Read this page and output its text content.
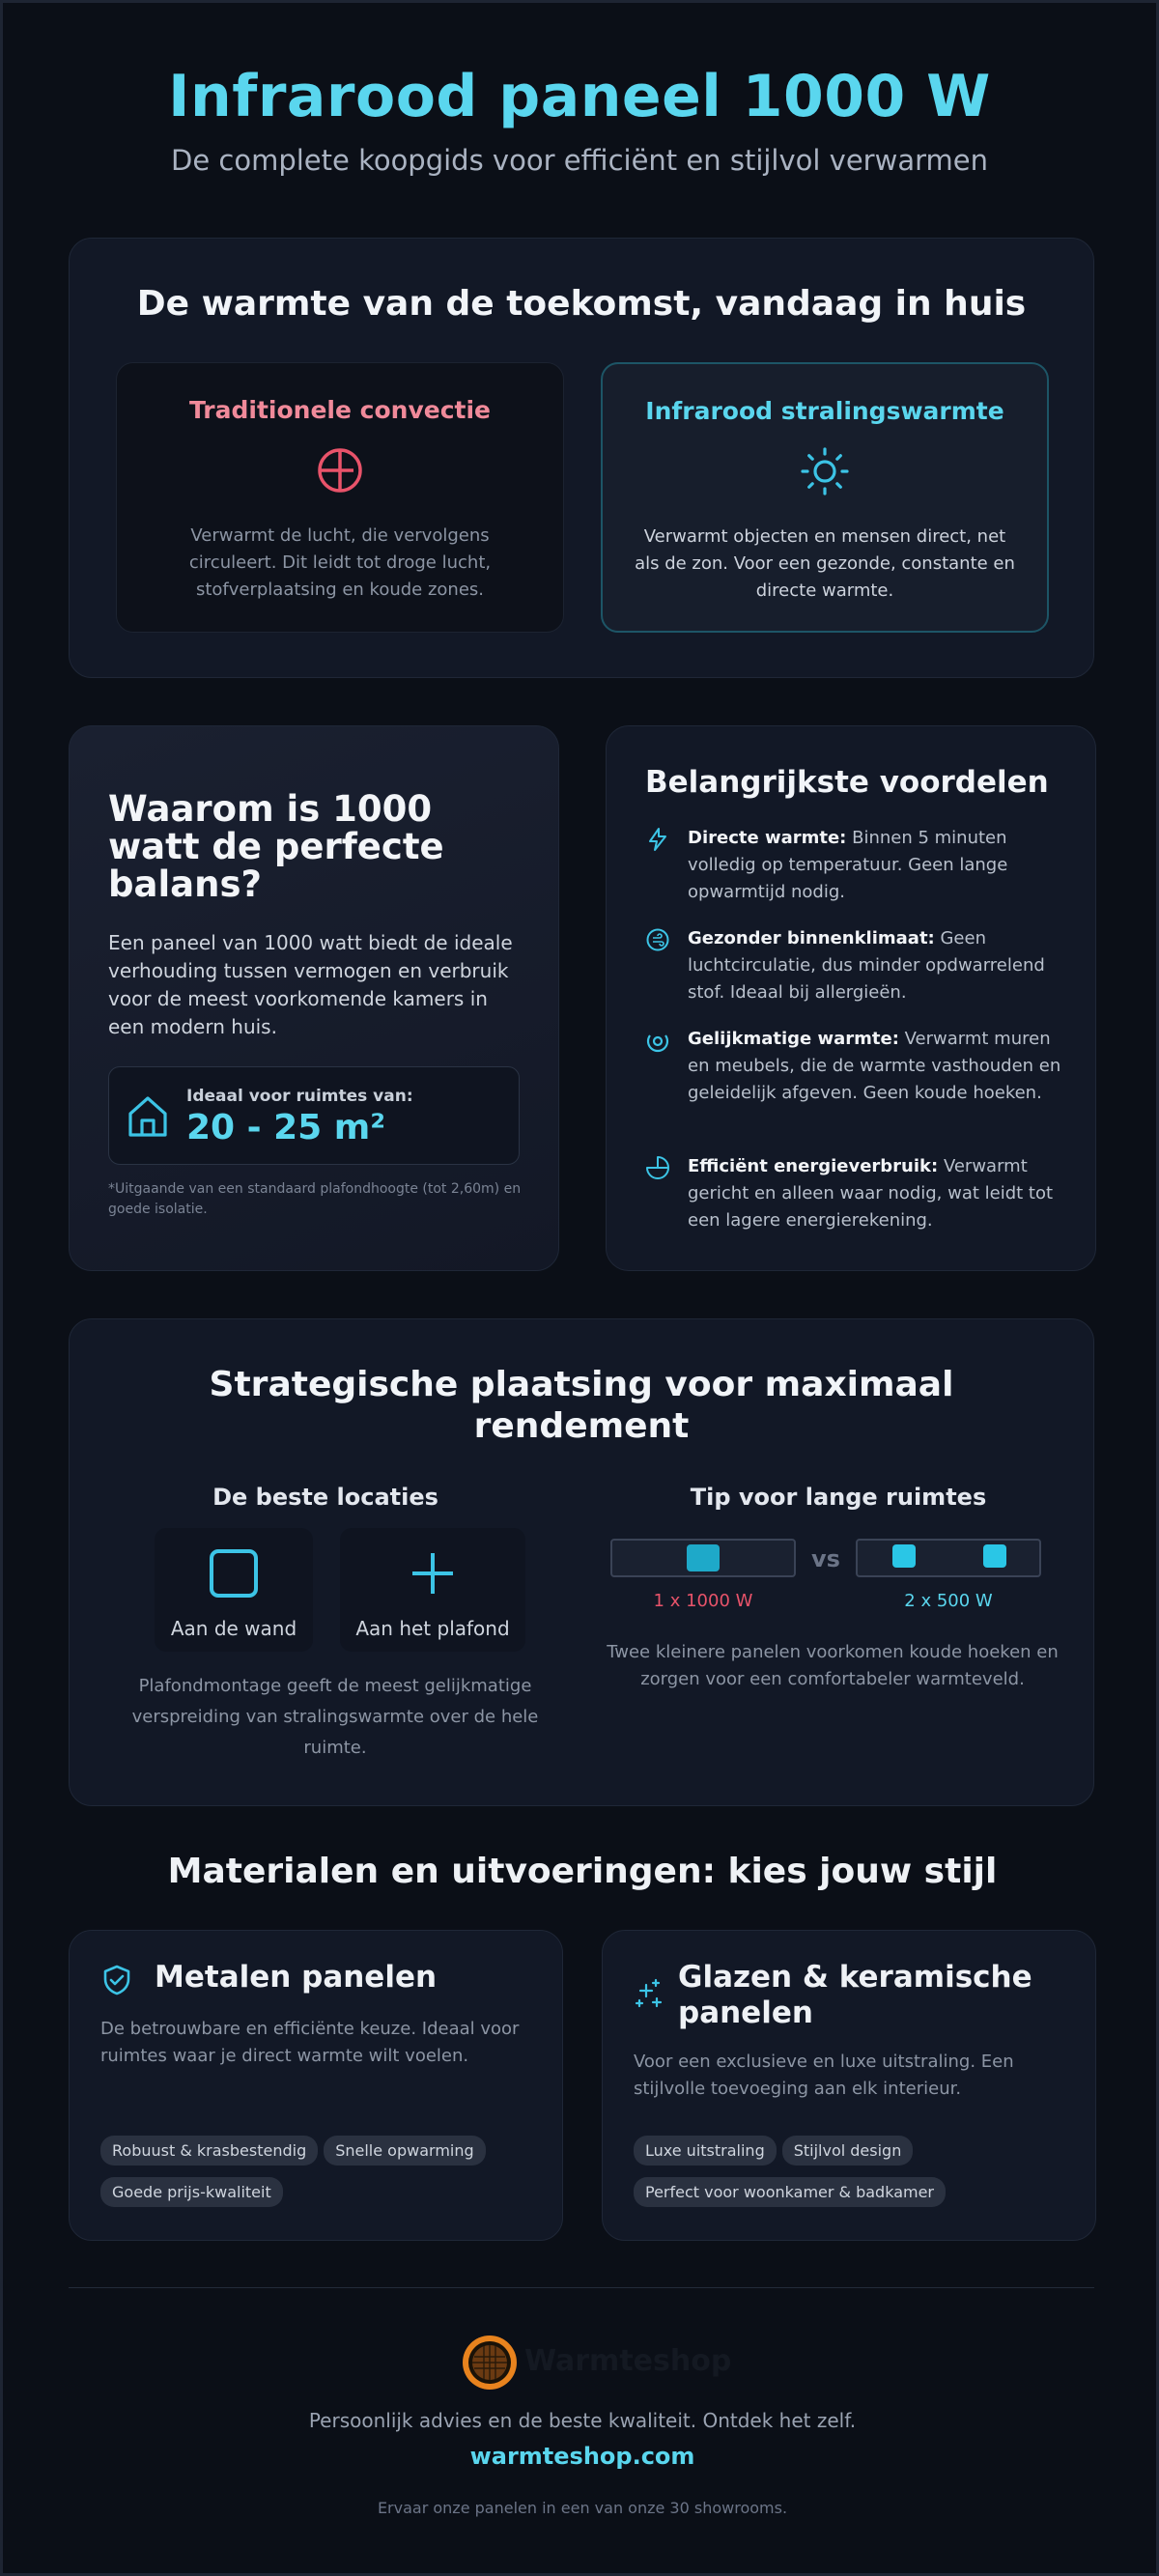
Infrarood paneel 1000 W
De complete koopgids voor efficiënt en stijlvol verwarmen
De warmte van de toekomst, vandaag in huis
Traditionele convectie

Verwarmt de lucht, die vervolgens circuleert. Dit leidt tot droge lucht, stofverplaatsing en koude zones.

Infrarood stralingswarmte

Verwarmt objecten en mensen direct, net als de zon. Voor een gezonde, constante en directe warmte.

Waarom is 1000 watt de perfecte balans?

Een paneel van 1000 watt biedt de ideale verhouding tussen vermogen en verbruik voor de meest voorkomende kamers in een modern huis.

Ideaal voor ruimtes van:
20 - 25 m²

*Uitgaande van een standaard plafondhoogte (tot 2,60m) en goede isolatie.

Belangrijkste voordelen
Directe warmte: Binnen 5 minuten volledig op temperatuur. Geen lange opwarmtijd nodig.
Gezonder binnenklimaat: Geen luchtcirculatie, dus minder opdwarrelend stof. Ideaal bij allergieën.
Gelijkmatige warmte: Verwarmt muren en meubels, die de warmte vasthouden en geleidelijk afgeven. Geen koude hoeken.
Efficiënt energieverbruik: Verwarmt gericht en alleen waar nodig, wat leidt tot een lagere energierekening.
Strategische plaatsing voor maximaal rendement
De beste locaties
Aan de wand	Aan het plafond
Plafondmontage geeft de meest gelijkmatige verspreiding van stralingswarmte over de hele ruimte.
Tip voor lange ruimtes
vs
1 x 1000 W	2 x 500 W
Twee kleinere panelen voorkomen koude hoeken en zorgen voor een comfortabeler warmteveld.
Materialen en uitvoeringen: kies jouw stijl
Metalen panelen

De betrouwbare en efficiënte keuze. Ideaal voor ruimtes waar je direct warmte wilt voelen.

Robuust & krasbestendig Snelle opwarmingGoede prijs-kwaliteit
Glazen & keramische panelen

Voor een exclusieve en luxe uitstraling. Een stijlvolle toevoeging aan elk interieur.

Luxe uitstraling Stijlvol designPerfect voor woonkamer & badkamer
Warmteshop
Persoonlijk advies en de beste kwaliteit. Ontdek het zelf.
warmteshop.com
Ervaar onze panelen in een van onze 30 showrooms.
